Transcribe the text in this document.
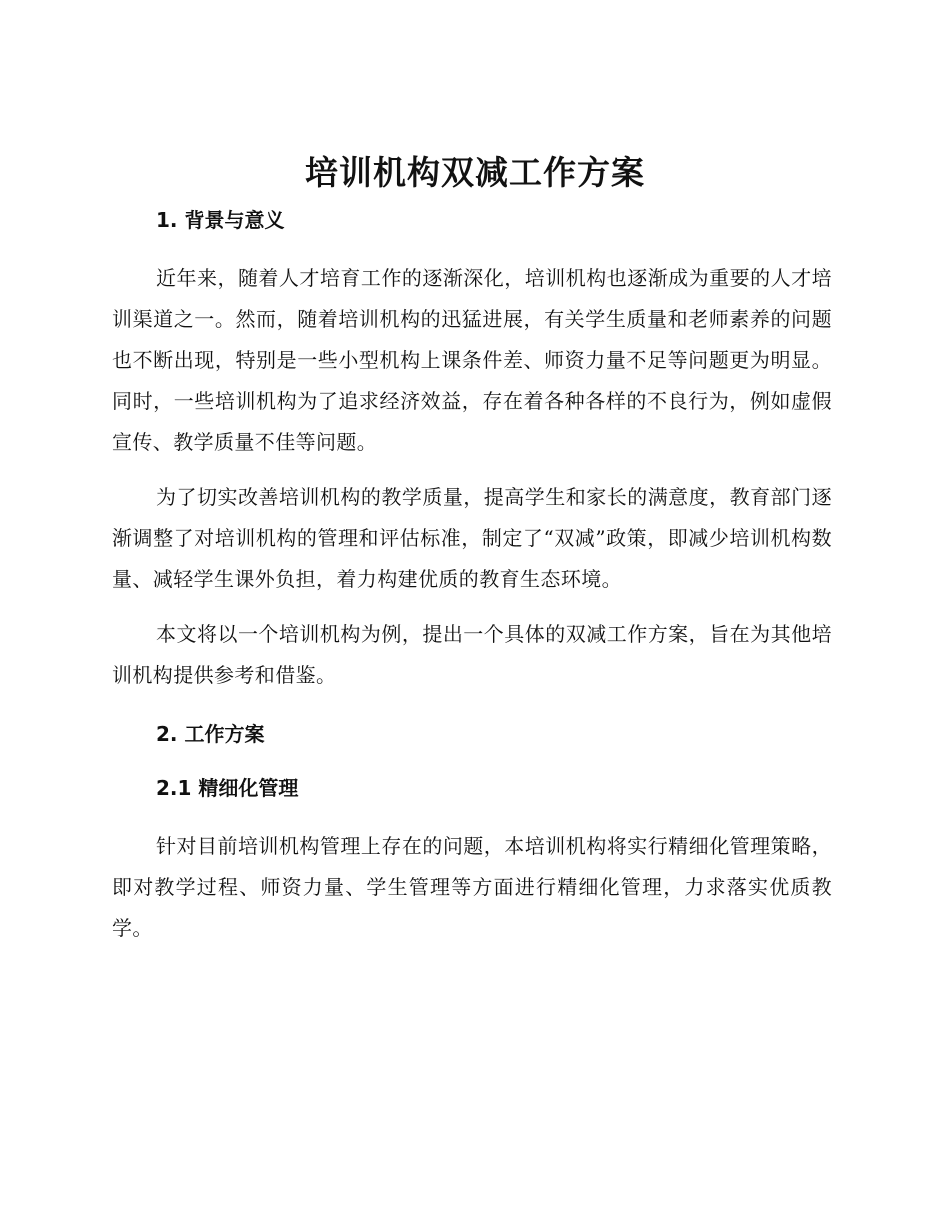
培训机构双减工作方案
1. 背景与意义

近年来，随着人才培育工作的逐渐深化，培训机构也逐渐成为重要的人才培训渠道之一。然而，随着培训机构的迅猛进展，有关学生质量和老师素养的问题也不断出现，特别是一些小型机构上课条件差、师资力量不足等问题更为明显。同时，一些培训机构为了追求经济效益，存在着各种各样的不良行为，例如虚假宣传、教学质量不佳等问题。

为了切实改善培训机构的教学质量，提高学生和家长的满意度，教育部门逐渐调整了对培训机构的管理和评估标准，制定了“双减”政策，即减少培训机构数量、减轻学生课外负担，着力构建优质的教育生态环境。

本文将以一个培训机构为例，提出一个具体的双减工作方案，旨在为其他培训机构提供参考和借鉴。

2. 工作方案
2.1 精细化管理

针对目前培训机构管理上存在的问题，本培训机构将实行精细化管理策略，即对教学过程、师资力量、学生管理等方面进行精细化管理，力求落实优质教学。
